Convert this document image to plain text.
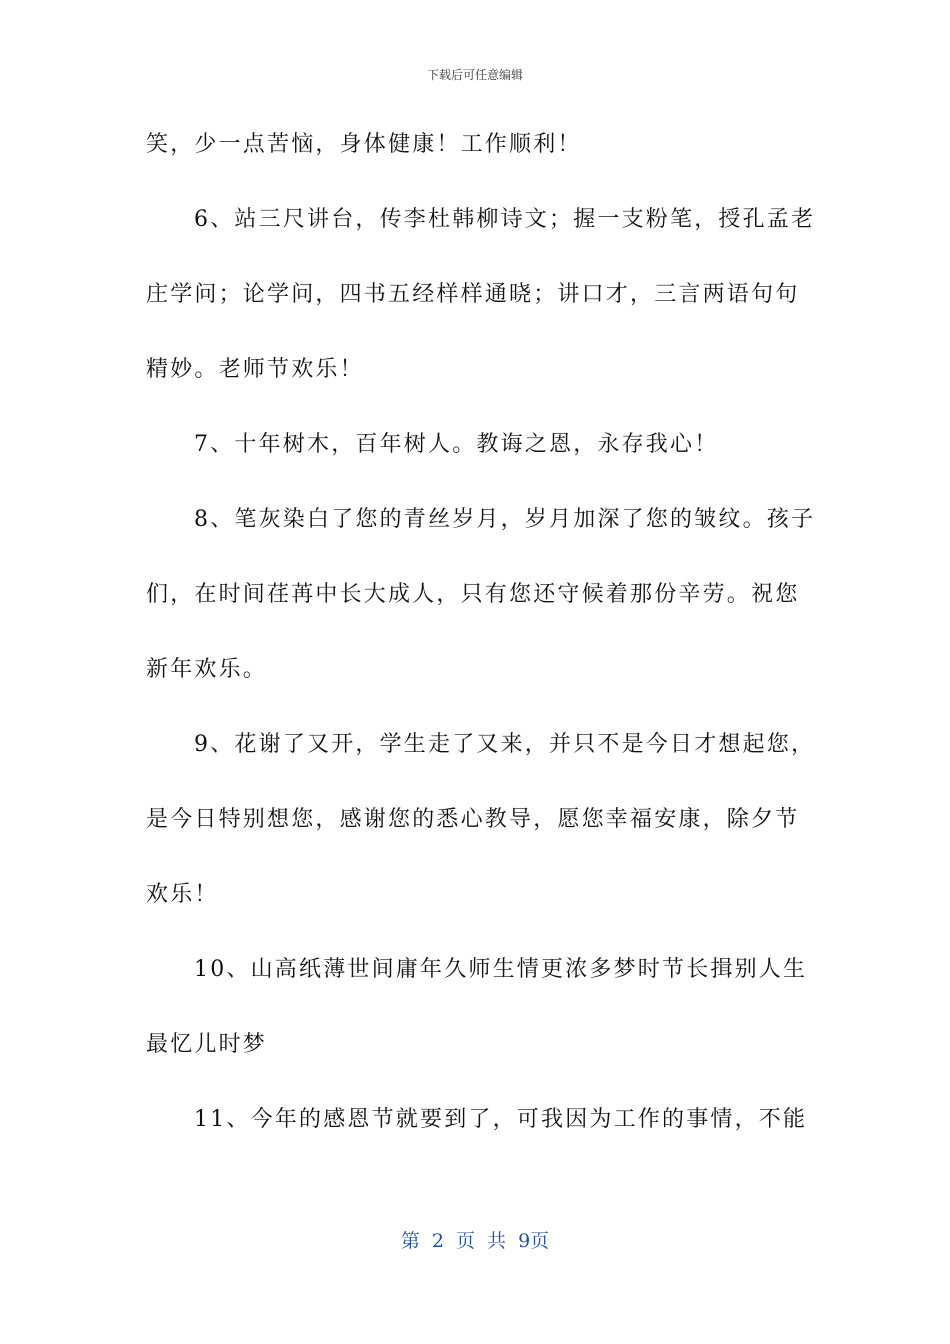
下载后可任意编辑
笑，少一点苦恼，身体健康！工作顺利！
6、站三尺讲台，传李杜韩柳诗文；握一支粉笔，授孔孟老
庄学问；论学问，四书五经样样通晓；讲口才，三言两语句句
精妙。老师节欢乐！
7、十年树木，百年树人。教诲之恩，永存我心！
8、笔灰染白了您的青丝岁月，岁月加深了您的皱纹。孩子
们，在时间荏苒中长大成人，只有您还守候着那份辛劳。祝您
新年欢乐。
9、花谢了又开，学生走了又来，并只不是今日才想起您，
是今日特别想您，感谢您的悉心教导，愿您幸福安康，除夕节
欢乐！
10、山高纸薄世间庸年久师生情更浓多梦时节长揖别人生
最忆儿时梦
11、今年的感恩节就要到了，可我因为工作的事情，不能
第 2 页 共 9页
